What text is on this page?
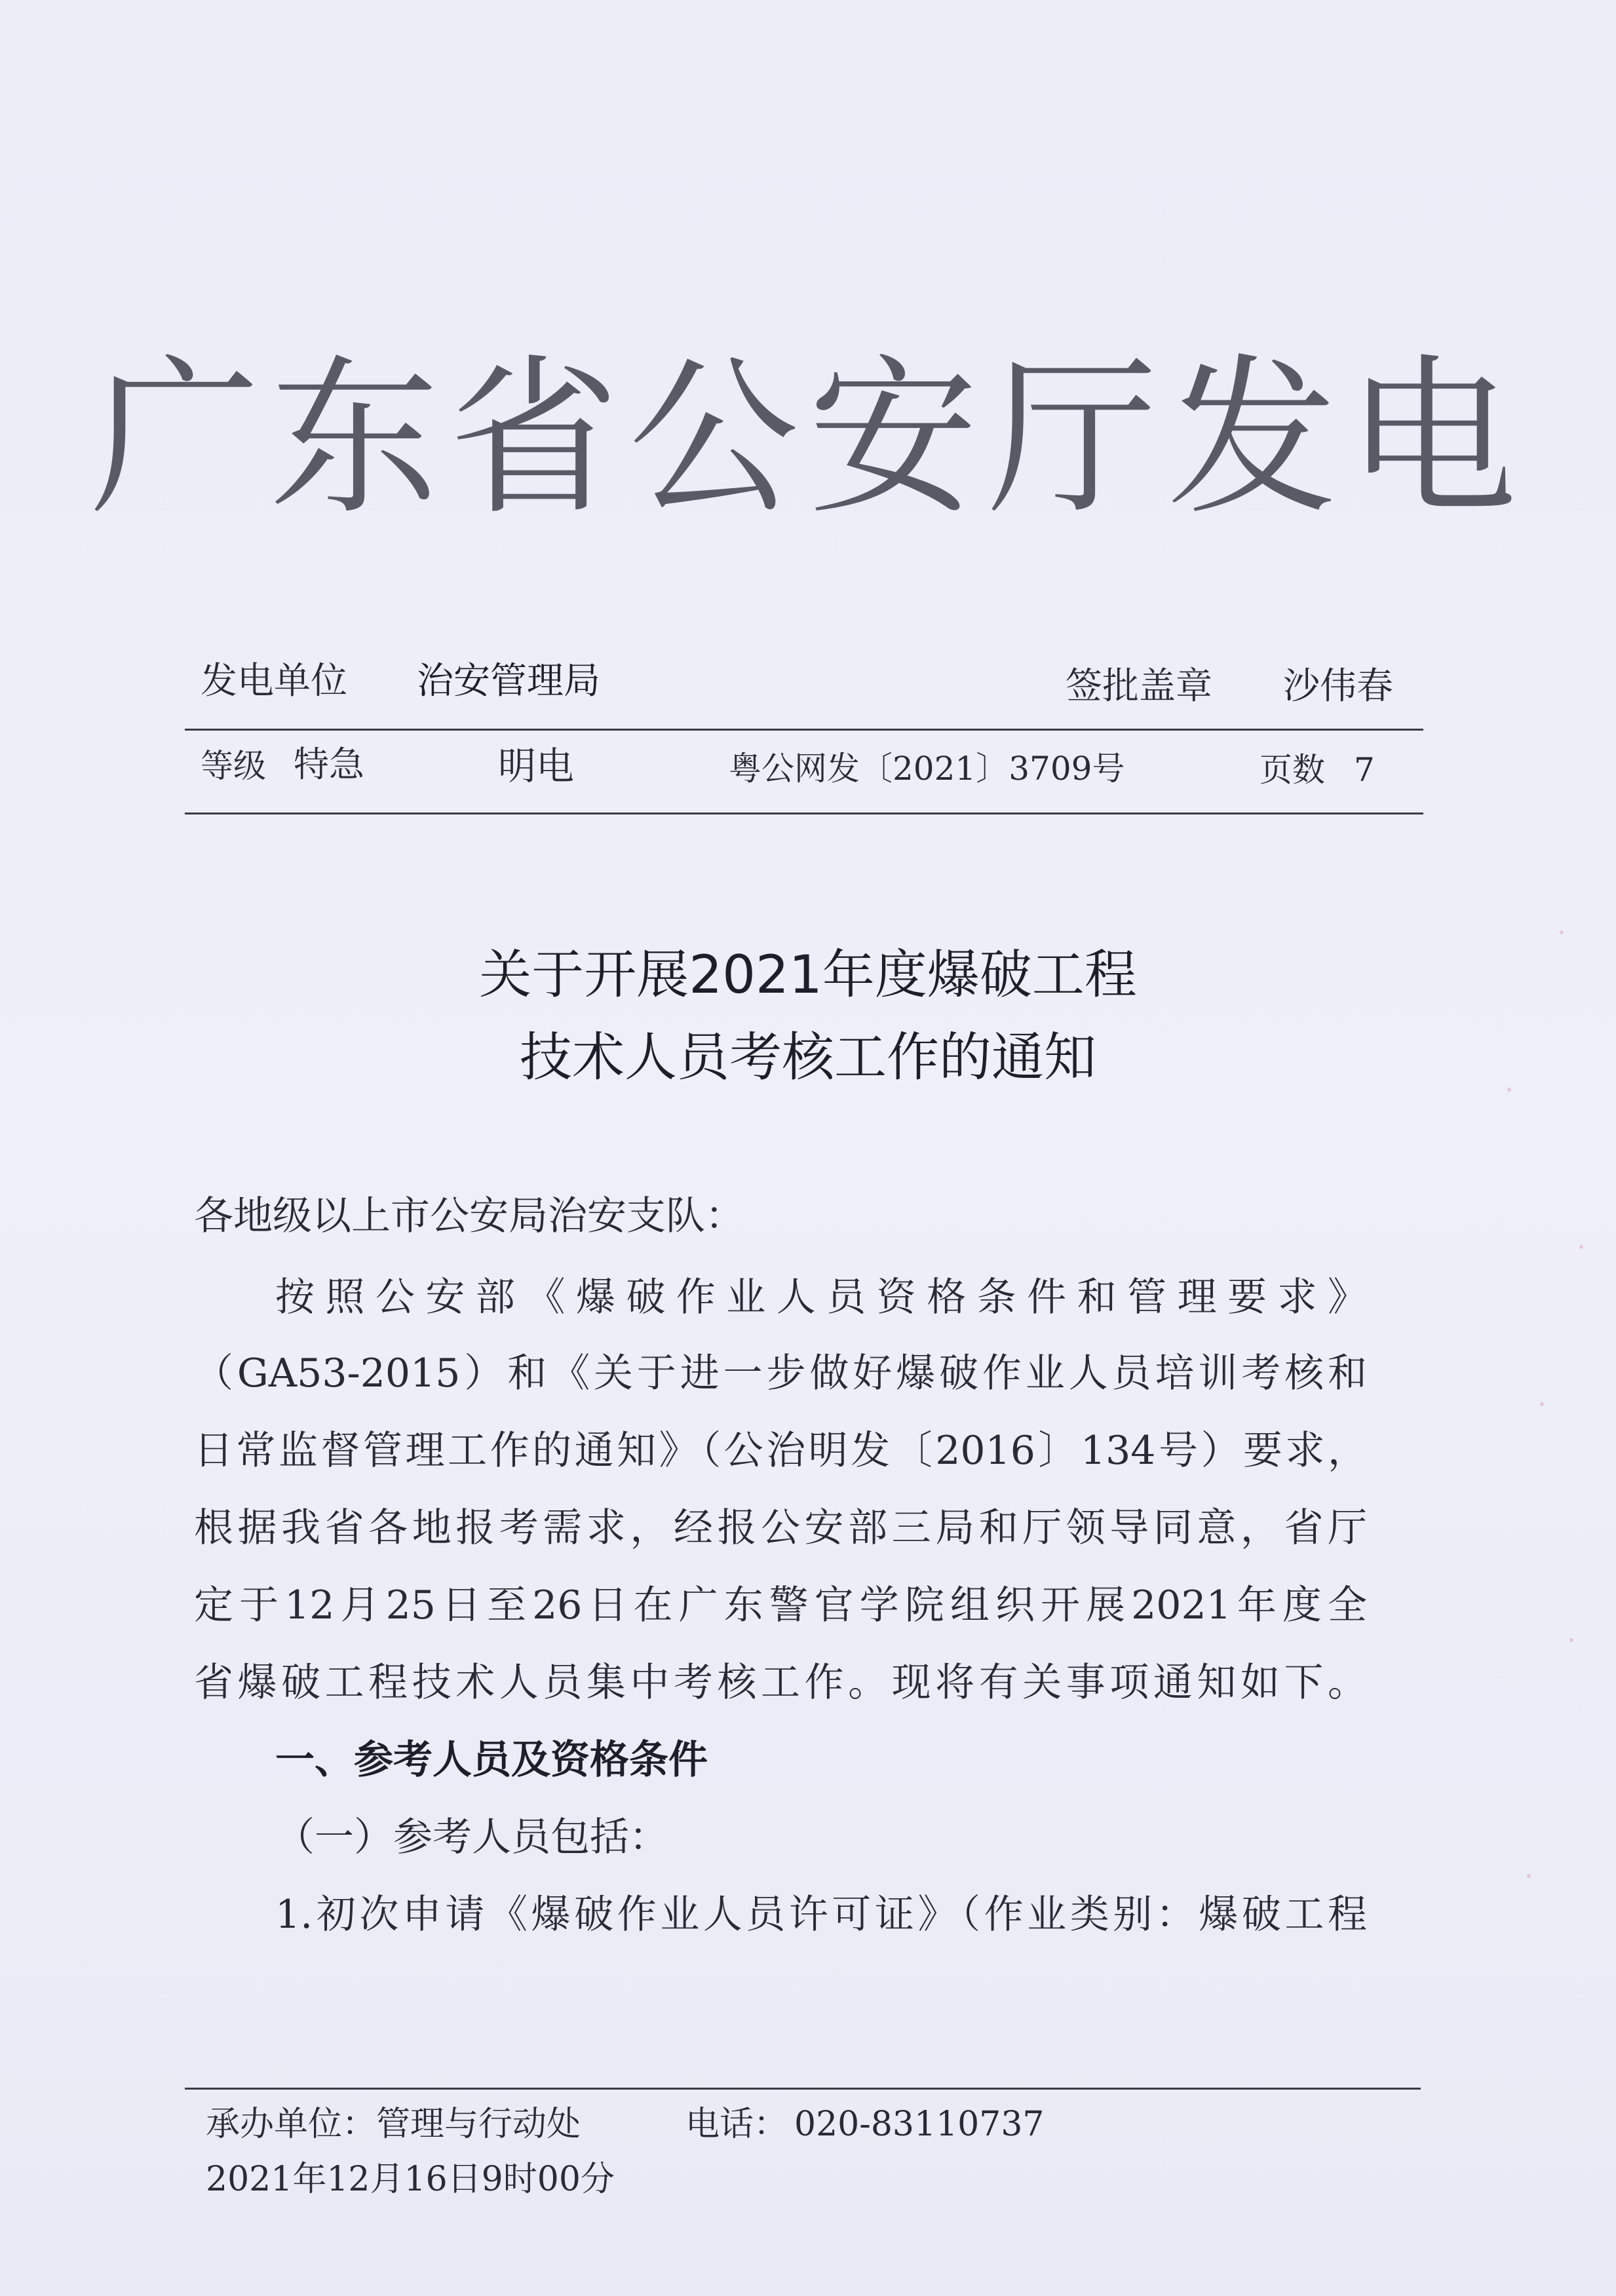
广东省公安厅发电
发电单位 治安管理局	签批盖章 沙伟春
等级 特急	明电	粤公网发〔2021〕3709号	页数 7
关于开展2021年度爆破工程
技术人员考核工作的通知
各地级以上市公安局治安支队：
按照公安部《爆破作业人员资格条件和管理要求》
（GA53-2015）和《关于进一步做好爆破作业人员培训考核和
日常监督管理工作的通知》（公治明发〔2016〕134号）要求，
根据我省各地报考需求，经报公安部三局和厅领导同意，省厅
定于12月25日至26日在广东警官学院组织开展2021年度全
省爆破工程技术人员集中考核工作。现将有关事项通知如下。
一、参考人员及资格条件
（一）参考人员包括：
1.初次申请《爆破作业人员许可证》（作业类别：爆破工程
承办单位： 管理与行动处	电话： 020-83110737
2021年12月16日9时00分
